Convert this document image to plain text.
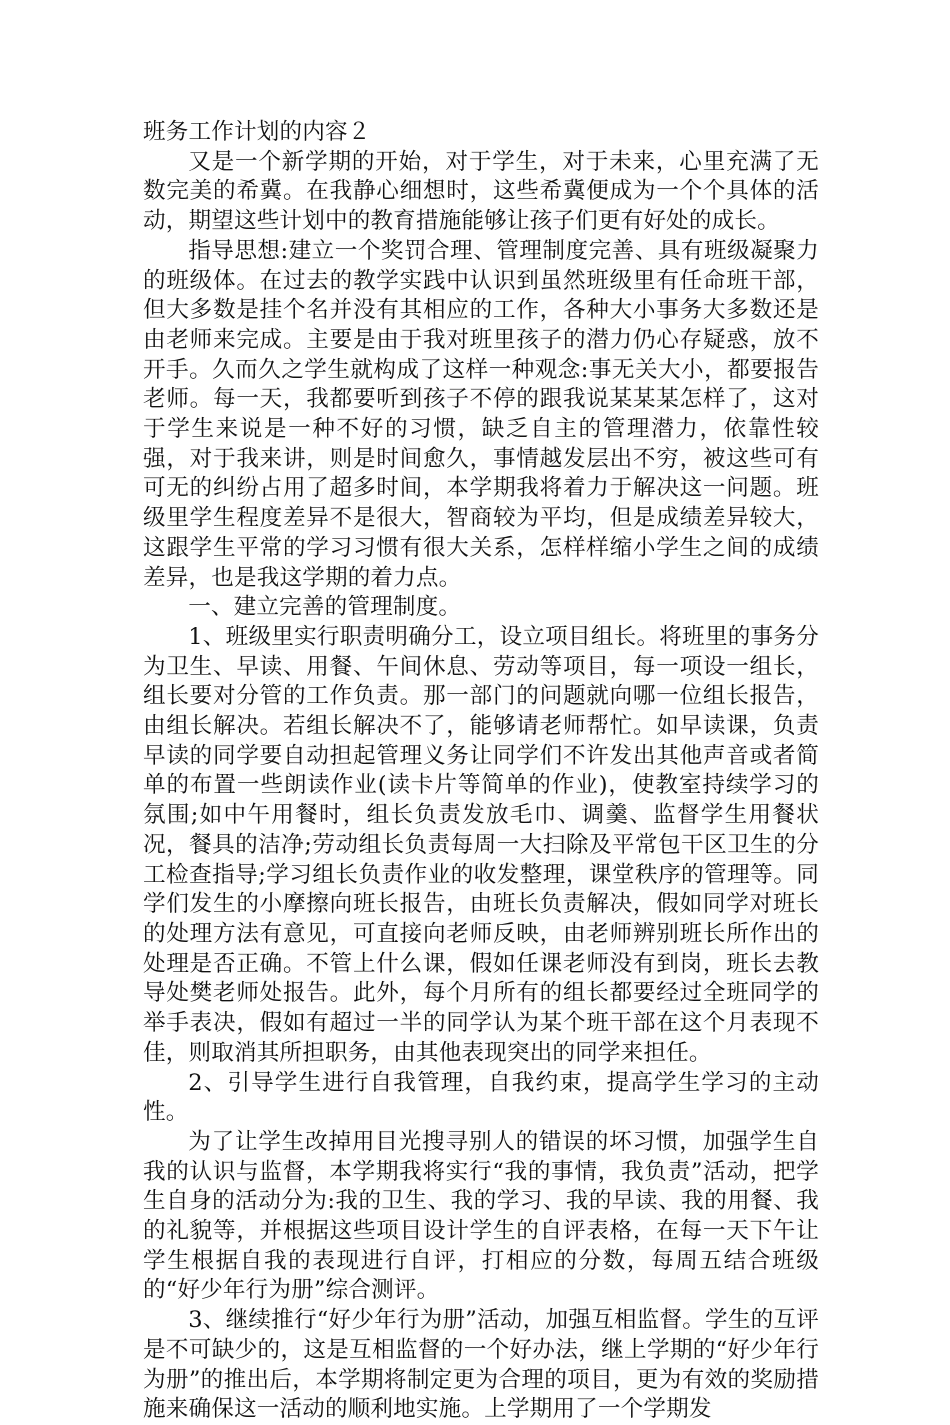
班务工作计划的内容２

又是一个新学期的开始，对于学生，对于未来，心里充满了无数完美的希冀。在我静心细想时，这些希冀便成为一个个具体的活动，期望这些计划中的教育措施能够让孩子们更有好处的成长。

指导思想:建立一个奖罚合理、管理制度完善、具有班级凝聚力的班级体。在过去的教学实践中认识到虽然班级里有任命班干部，但大多数是挂个名并没有其相应的工作，各种大小事务大多数还是由老师来完成。主要是由于我对班里孩子的潜力仍心存疑惑，放不开手。久而久之学生就构成了这样一种观念:事无关大小，都要报告老师。每一天，我都要听到孩子不停的跟我说某某某怎样了，这对于学生来说是一种不好的习惯，缺乏自主的管理潜力，依靠性较强，对于我来讲，则是时间愈久，事情越发层出不穷，被这些可有可无的纠纷占用了超多时间，本学期我将着力于解决这一问题。班级里学生程度差异不是很大，智商较为平均，但是成绩差异较大，这跟学生平常的学习习惯有很大关系，怎样样缩小学生之间的成绩差异，也是我这学期的着力点。

一、建立完善的管理制度。

1、班级里实行职责明确分工，设立项目组长。将班里的事务分为卫生、早读、用餐、午间休息、劳动等项目，每一项设一组长，组长要对分管的工作负责。那一部门的问题就向哪一位组长报告，由组长解决。若组长解决不了，能够请老师帮忙。如早读课，负责早读的同学要自动担起管理义务让同学们不许发出其他声音或者简单的布置一些朗读作业(读卡片等简单的作业)，使教室持续学习的氛围;如中午用餐时，组长负责发放毛巾、调羹、监督学生用餐状况，餐具的洁净;劳动组长负责每周一大扫除及平常包干区卫生的分工检查指导;学习组长负责作业的收发整理，课堂秩序的管理等。同学们发生的小摩擦向班长报告，由班长负责解决，假如同学对班长的处理方法有意见，可直接向老师反映，由老师辨别班长所作出的处理是否正确。不管上什么课，假如任课老师没有到岗，班长去教导处樊老师处报告。此外，每个月所有的组长都要经过全班同学的举手表决，假如有超过一半的同学认为某个班干部在这个月表现不佳，则取消其所担职务，由其他表现突出的同学来担任。

2、引导学生进行自我管理，自我约束，提高学生学习的主动性。

为了让学生改掉用目光搜寻别人的错误的坏习惯，加强学生自我的认识与监督，本学期我将实行“我的事情，我负责”活动，把学生自身的活动分为:我的卫生、我的学习、我的早读、我的用餐、我的礼貌等，并根据这些项目设计学生的自评表格，在每一天下午让学生根据自我的表现进行自评，打相应的分数，每周五结合班级的“好少年行为册”综合测评。

3、继续推行“好少年行为册”活动，加强互相监督。学生的互评是不可缺少的，这是互相监督的一个好办法，继上学期的“好少年行为册”的推出后，本学期将制定更为合理的项目，更为有效的奖励措施来确保这一活动的顺利地实施。上学期用了一个学期发
